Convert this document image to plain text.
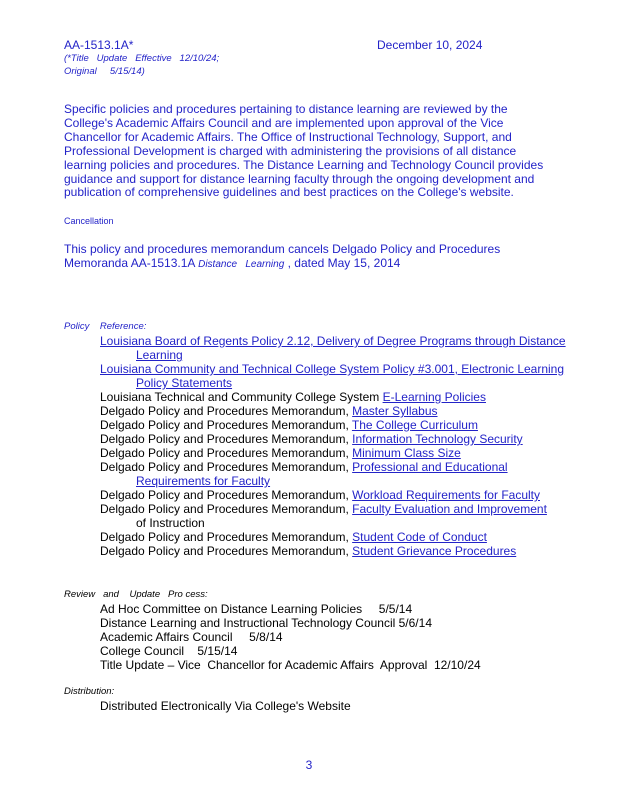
AA-1513.1A*	December 10, 2024
(*Title   Update   Effective   12/10/24;
Original     5/15/14)
Specific policies and procedures pertaining to distance learning are reviewed by the College's Academic Affairs Council and are implemented upon approval of the Vice Chancellor for Academic Affairs. The Office of Instructional Technology, Support, and Professional Development is charged with administering the provisions of all distance learning policies and procedures. The Distance Learning and Technology Council provides guidance and support for distance learning faculty through the ongoing development and publication of comprehensive guidelines and best practices on the College's website.
Cancellation
This policy and procedures memorandum cancels Delgado Policy and Procedures Memoranda AA-1513.1A Distance   Learning , dated May 15, 2014
Policy    Reference:
Louisiana Board of Regents Policy 2.12, Delivery of Degree Programs through Distance Learning
Louisiana Community and Technical College System Policy #3.001, Electronic Learning
Policy Statements
Louisiana Technical and Community College System E-Learning Policies
Delgado Policy and Procedures Memorandum, Master Syllabus
Delgado Policy and Procedures Memorandum, The College Curriculum
Delgado Policy and Procedures Memorandum, Information Technology Security
Delgado Policy and Procedures Memorandum, Minimum Class Size
Delgado Policy and Procedures Memorandum, Professional and Educational Requirements for Faculty
Delgado Policy and Procedures Memorandum, Workload Requirements for Faculty
Delgado Policy and Procedures Memorandum, Faculty Evaluation and Improvement
of Instruction
Delgado Policy and Procedures Memorandum, Student Code of Conduct
Delgado Policy and Procedures Memorandum, Student Grievance Procedures
Review   and    Update   Pro cess:
Ad Hoc Committee on Distance Learning Policies     5/5/14
Distance Learning and Instructional Technology Council 5/6/14
Academic Affairs Council     5/8/14
College Council    5/15/14
Title Update – Vice  Chancellor for Academic Affairs  Approval  12/10/24
Distribution:
Distributed Electronically Via College's Website
3
